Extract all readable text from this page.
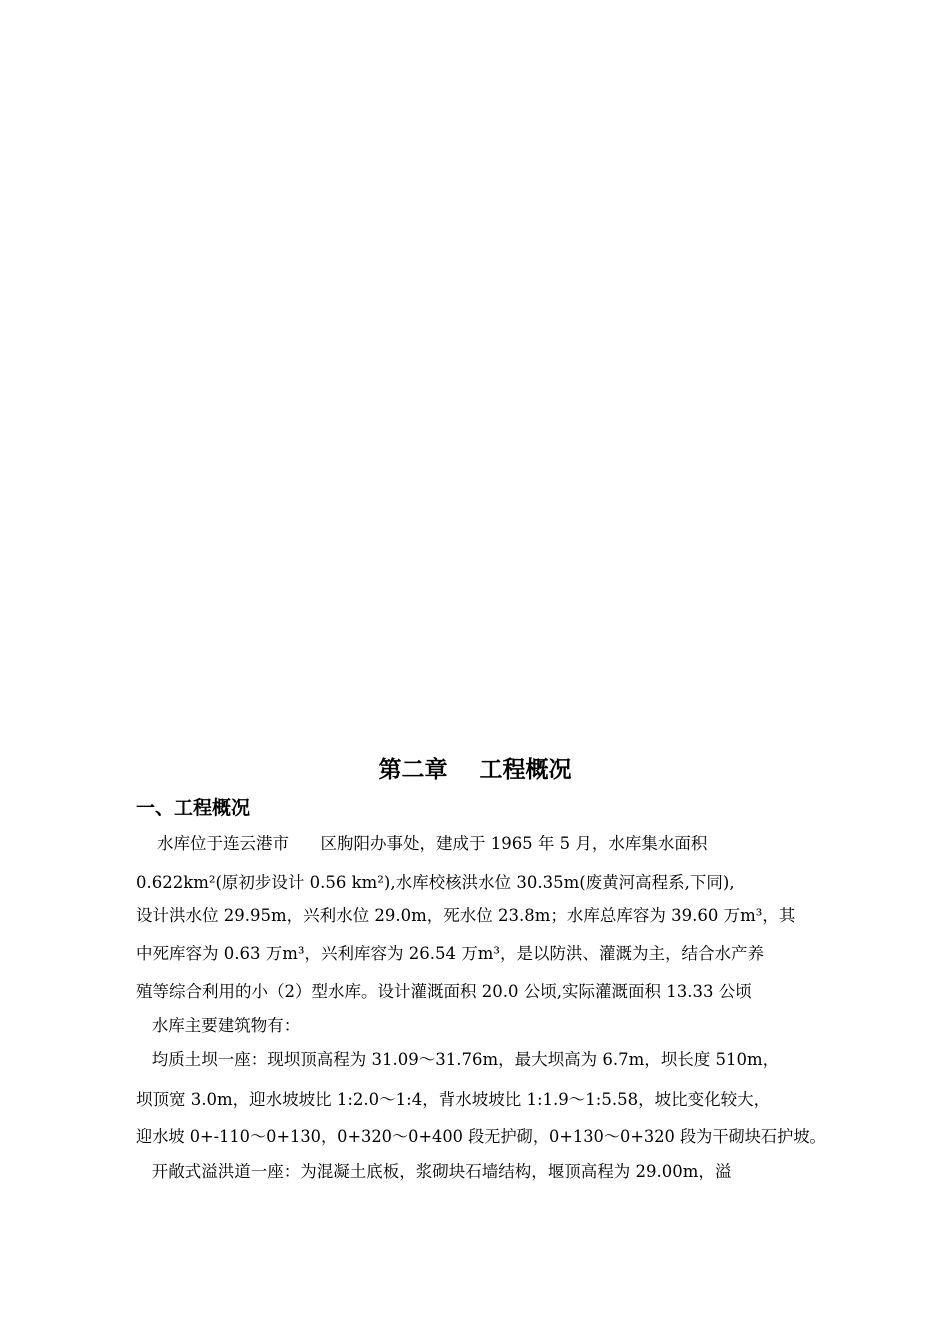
第二章    工程概况
一、工程概况
水库位于连云港市      区朐阳办事处，建成于 1965 年 5 月，水库集水面积
0.622km²(原初步设计 0.56 km²),水库校核洪水位 30.35m(废黄河高程系,下同),
设计洪水位 29.95m，兴利水位 29.0m，死水位 23.8m；水库总库容为 39.60 万m³，其
中死库容为 0.63 万m³，兴利库容为 26.54 万m³，是以防洪、灌溉为主，结合水产养
殖等综合利用的小（2）型水库。设计灌溉面积 20.0 公顷,实际灌溉面积 13.33 公顷
水库主要建筑物有：
均质土坝一座：现坝顶高程为 31.09～31.76m，最大坝高为 6.7m，坝长度 510m，
坝顶宽 3.0m，迎水坡坡比 1:2.0～1:4，背水坡坡比 1:1.9～1:5.58，坡比变化较大，
迎水坡 0+-110～0+130，0+320～0+400 段无护砌，0+130～0+320 段为干砌块石护坡。
开敞式溢洪道一座：为混凝土底板，浆砌块石墙结构，堰顶高程为 29.00m，溢
